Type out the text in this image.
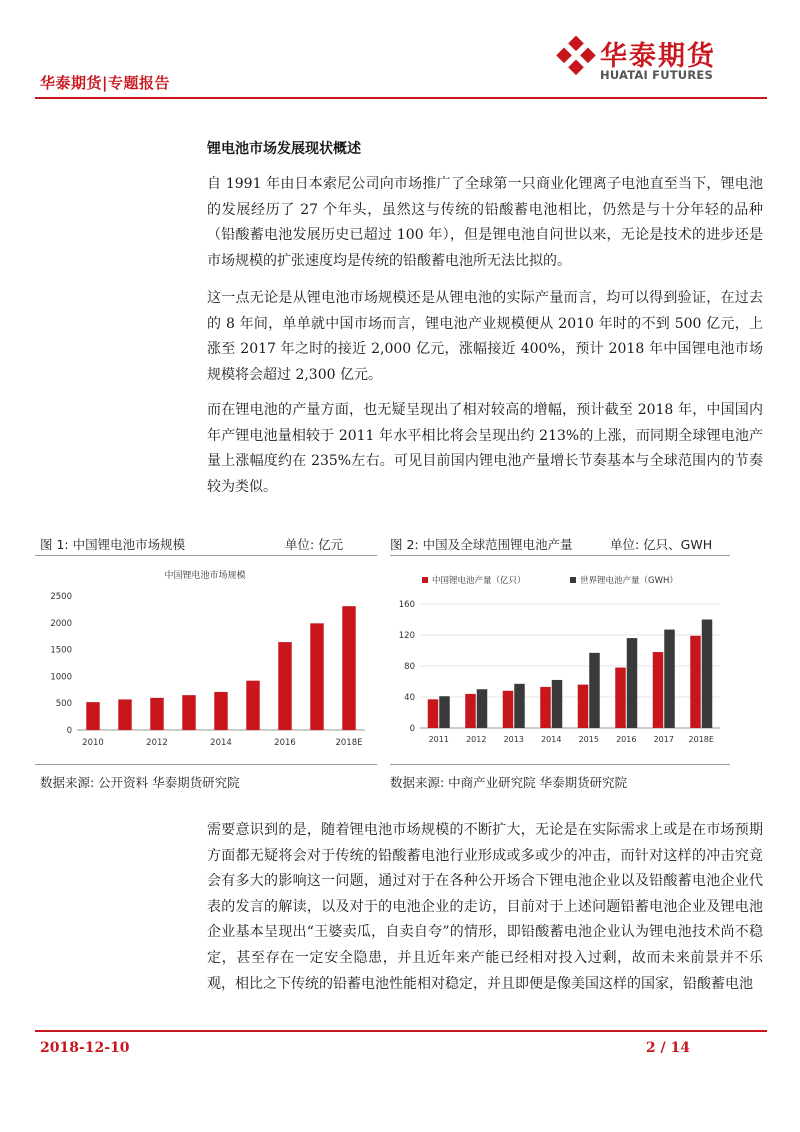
华泰期货|专题报告
华泰期货
HUATAI FUTURES
锂电池市场发展现状概述
自 1991 年由日本索尼公司向市场推广了全球第一只商业化锂离子电池直至当下，锂电池的发展经历了 27 个年头，虽然这与传统的铅酸蓄电池相比，仍然是与十分年轻的品种（铅酸蓄电池发展历史已超过 100 年），但是锂电池自问世以来，无论是技术的进步还是市场规模的扩张速度均是传统的铅酸蓄电池所无法比拟的。
这一点无论是从锂电池市场规模还是从锂电池的实际产量而言，均可以得到验证，在过去的 8 年间，单单就中国市场而言，锂电池产业规模便从 2010 年时的不到 500 亿元，上涨至 2017 年之时的接近 2,000 亿元，涨幅接近 400%，预计 2018 年中国锂电池市场规模将会超过 2,300 亿元。
而在锂电池的产量方面，也无疑呈现出了相对较高的增幅，预计截至 2018 年，中国国内年产锂电池量相较于 2011 年水平相比将会呈现出约 213%的上涨，而同期全球锂电池产量上涨幅度约在 235%左右。可见目前国内锂电池产量增长节奏基本与全球范围内的节奏较为类似。
图 1: 中国锂电池市场规模	单位: 亿元	图 2: 中国及全球范围锂电池产量	单位: 亿只、GWH
中国锂电池市场规模
0
500
1000
1500
2000
2500
2010	2012	2014	2016	2018E
中国锂电池产量（亿只）	世界锂电池产量（GWH）
0
40
80
120
160
2011 2012 2013 2014 2015 2016 2017 2018E
数据来源: 公开资料 华泰期货研究院	数据来源: 中商产业研究院 华泰期货研究院
需要意识到的是，随着锂电池市场规模的不断扩大，无论是在实际需求上或是在市场预期方面都无疑将会对于传统的铅酸蓄电池行业形成或多或少的冲击，而针对这样的冲击究竟会有多大的影响这一问题，通过对于在各种公开场合下锂电池企业以及铅酸蓄电池企业代表的发言的解读，以及对于的电池企业的走访，目前对于上述问题铅蓄电池企业及锂电池企业基本呈现出“王婆卖瓜，自卖自夸”的情形，即铅酸蓄电池企业认为锂电池技术尚不稳定，甚至存在一定安全隐患，并且近年来产能已经相对投入过剩，故而未来前景并不乐观，相比之下传统的铅蓄电池性能相对稳定，并且即便是像美国这样的国家，铅酸蓄电池
2018-12-10	2 / 14
